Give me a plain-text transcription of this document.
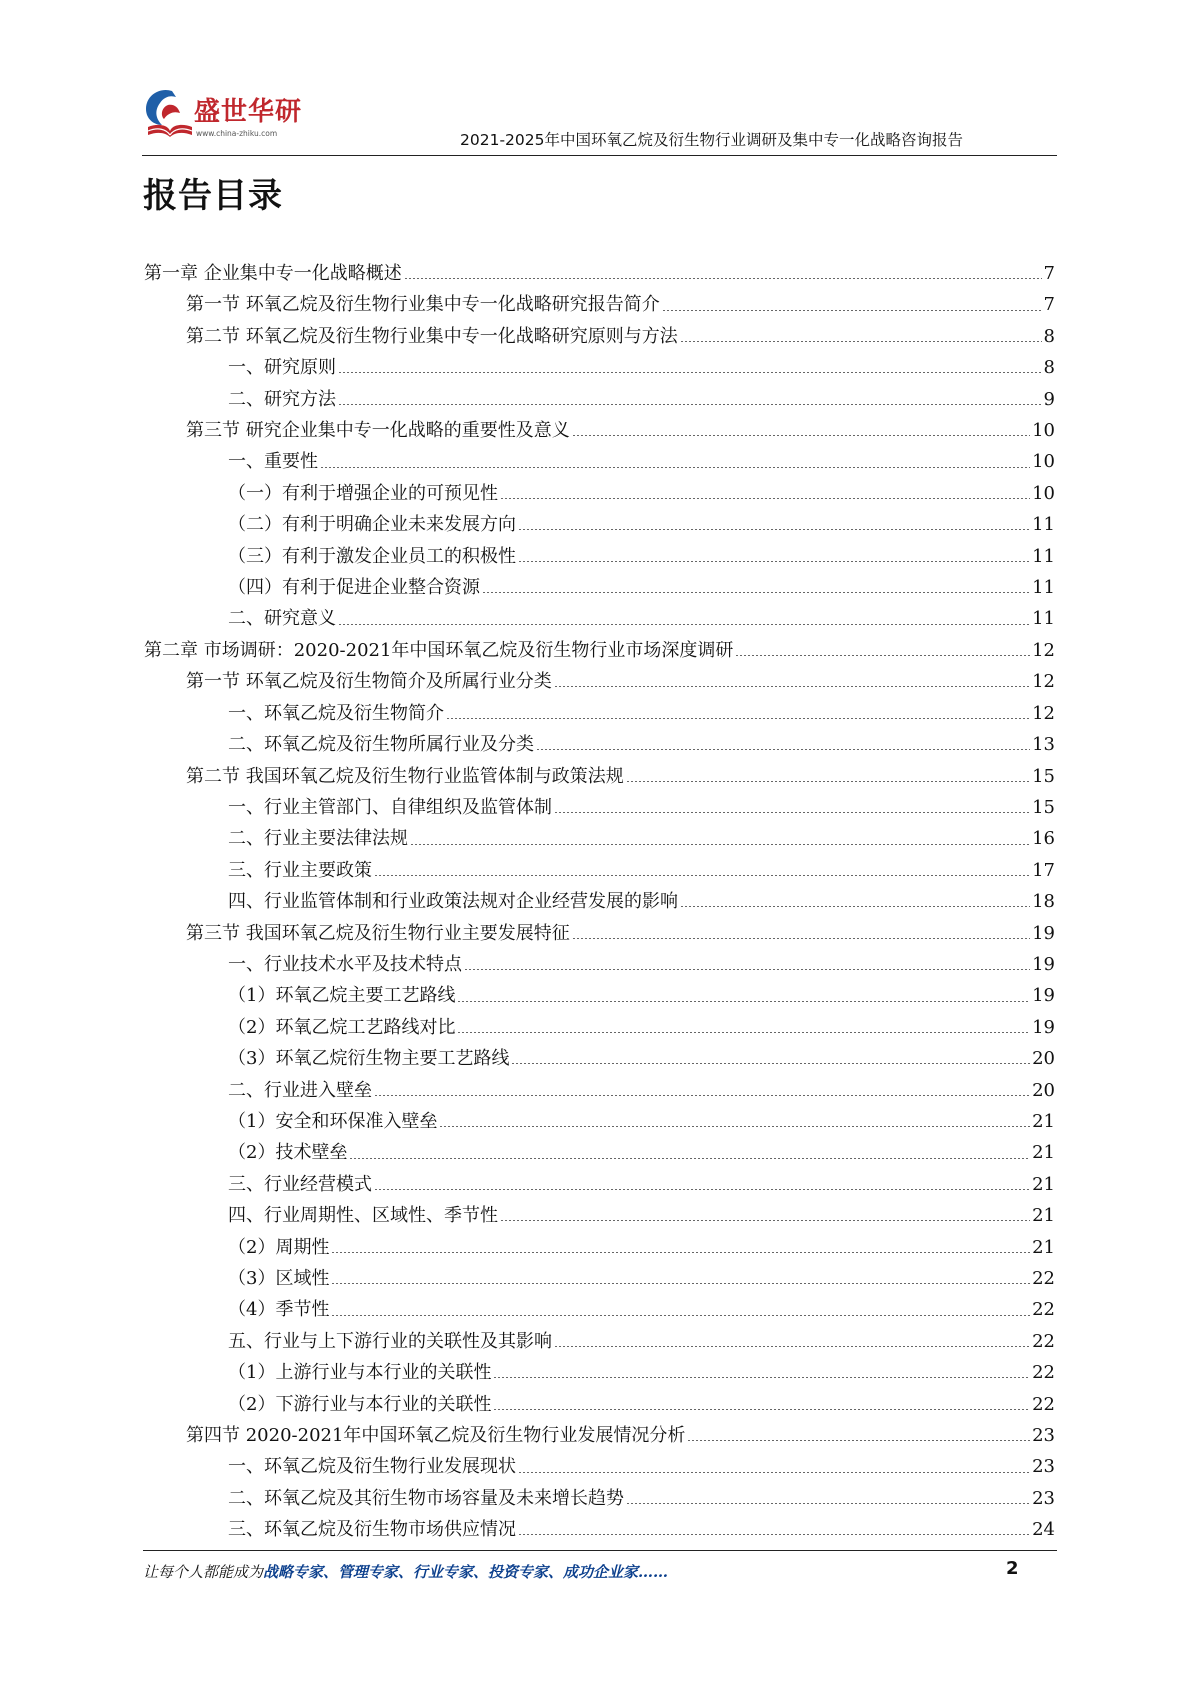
盛世华研
www.china-zhiku.com	2021-2025年中国环氧乙烷及衍生物行业调研及集中专一化战略咨询报告
报告目录
第一章 企业集中专一化战略概述	7
第一节 环氧乙烷及衍生物行业集中专一化战略研究报告简介	7
第二节 环氧乙烷及衍生物行业集中专一化战略研究原则与方法	8
一、研究原则	8
二、研究方法	9
第三节 研究企业集中专一化战略的重要性及意义	10
一、重要性	10
（一）有利于增强企业的可预见性	10
（二）有利于明确企业未来发展方向	11
（三）有利于激发企业员工的积极性	11
（四）有利于促进企业整合资源	11
二、研究意义	11
第二章 市场调研：2020-2021年中国环氧乙烷及衍生物行业市场深度调研	12
第一节 环氧乙烷及衍生物简介及所属行业分类	12
一、环氧乙烷及衍生物简介	12
二、环氧乙烷及衍生物所属行业及分类	13
第二节 我国环氧乙烷及衍生物行业监管体制与政策法规	15
一、行业主管部门、自律组织及监管体制	15
二、行业主要法律法规	16
三、行业主要政策	17
四、行业监管体制和行业政策法规对企业经营发展的影响	18
第三节 我国环氧乙烷及衍生物行业主要发展特征	19
一、行业技术水平及技术特点	19
（1）环氧乙烷主要工艺路线	19
（2）环氧乙烷工艺路线对比	19
（3）环氧乙烷衍生物主要工艺路线	20
二、行业进入壁垒	20
（1）安全和环保准入壁垒	21
（2）技术壁垒	21
三、行业经营模式	21
四、行业周期性、区域性、季节性	21
（2）周期性	21
（3）区域性	22
（4）季节性	22
五、行业与上下游行业的关联性及其影响	22
（1）上游行业与本行业的关联性	22
（2）下游行业与本行业的关联性	22
第四节 2020-2021年中国环氧乙烷及衍生物行业发展情况分析	23
一、环氧乙烷及衍生物行业发展现状	23
二、环氧乙烷及其衍生物市场容量及未来增长趋势	23
三、环氧乙烷及衍生物市场供应情况	24
让每个人都能成为战略专家、管理专家、行业专家、投资专家、成功企业家……	2
